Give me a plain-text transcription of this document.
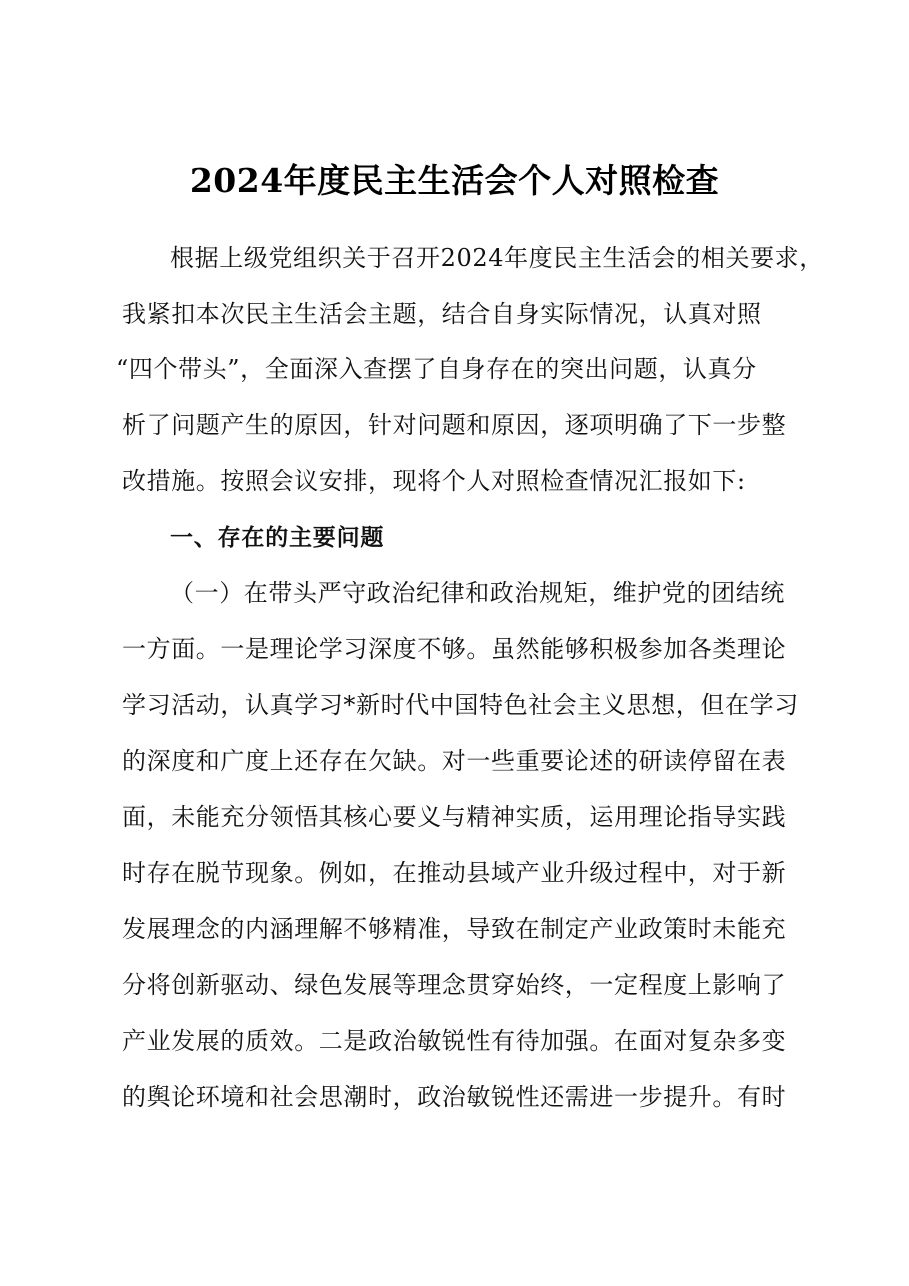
2024年度民主生活会个人对照检查
根据上级党组织关于召开2024年度民主生活会的相关要求，
我紧扣本次民主生活会主题，结合自身实际情况，认真对照
“四个带头”，全面深入查摆了自身存在的突出问题，认真分
析了问题产生的原因，针对问题和原因，逐项明确了下一步整
改措施。按照会议安排，现将个人对照检查情况汇报如下:
一、存在的主要问题
（一）在带头严守政治纪律和政治规矩，维护党的团结统
一方面。一是理论学习深度不够。虽然能够积极参加各类理论
学习活动，认真学习*新时代中国特色社会主义思想，但在学习
的深度和广度上还存在欠缺。对一些重要论述的研读停留在表
面，未能充分领悟其核心要义与精神实质，运用理论指导实践
时存在脱节现象。例如，在推动县域产业升级过程中，对于新
发展理念的内涵理解不够精准，导致在制定产业政策时未能充
分将创新驱动、绿色发展等理念贯穿始终，一定程度上影响了
产业发展的质效。二是政治敏锐性有待加强。在面对复杂多变
的舆论环境和社会思潮时，政治敏锐性还需进一步提升。有时
